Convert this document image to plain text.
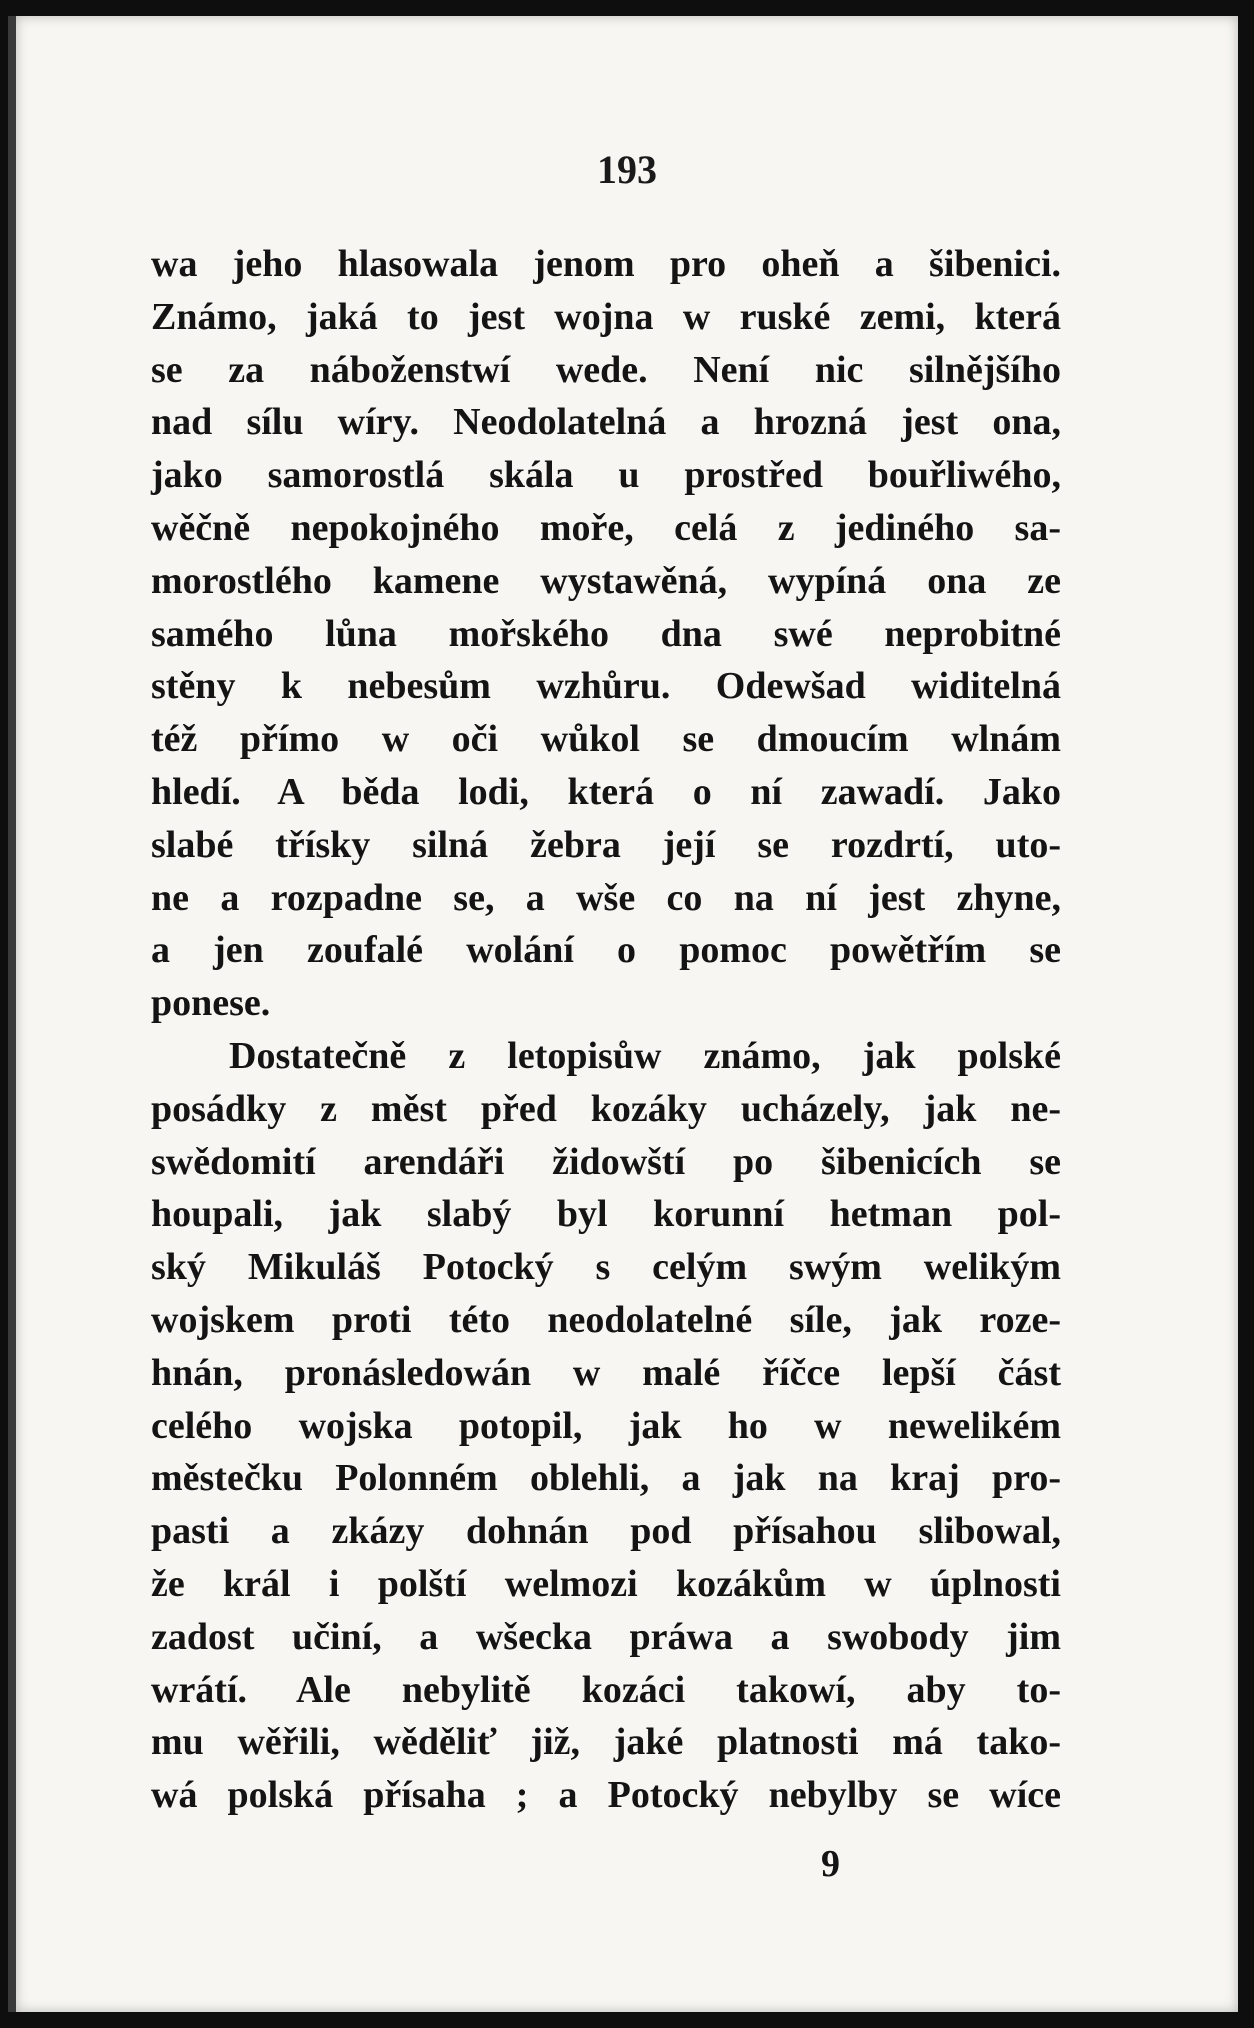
193
wa jeho hlasowala jenom pro oheň a šibenici.
Známo, jaká to jest wojna w ruské zemi, která
se za náboženstwí wede. Není nic silnějšího
nad sílu wíry. Neodolatelná a hrozná jest ona,
jako samorostlá skála u prostřed bouřliwého,
wěčně nepokojného moře, celá z jediného sa-
morostlého kamene wystawěná, wypíná ona ze
samého lůna mořského dna swé neprobitné
stěny k nebesům wzhůru. Odewšad widitelná
též přímo w oči wůkol se dmoucím wlnám
hledí. A běda lodi, která o ní zawadí. Jako
slabé třísky silná žebra její se rozdrtí, uto-
ne a rozpadne se, a wše co na ní jest zhyne,
a jen zoufalé wolání o pomoc powětřím se
ponese.
Dostatečně z letopisůw známo, jak polské
posádky z měst před kozáky ucházely, jak ne-
swědomití arendáři židowští po šibenicích se
houpali, jak slabý byl korunní hetman pol-
ský Mikuláš Potocký s celým swým welikým
wojskem proti této neodolatelné síle, jak roze-
hnán, pronásledowán w malé říčce lepší část
celého wojska potopil, jak ho w newelikém
městečku Polonném oblehli, a jak na kraj pro-
pasti a zkázy dohnán pod přísahou slibowal,
že král i polští welmozi kozákům w úplnosti
zadost učiní, a wšecka práwa a swobody jim
wrátí. Ale nebylitě kozáci takowí, aby to-
mu wěřili, wěděliť již, jaké platnosti má tako-
wá polská přísaha ; a Potocký nebylby se wíce
9
